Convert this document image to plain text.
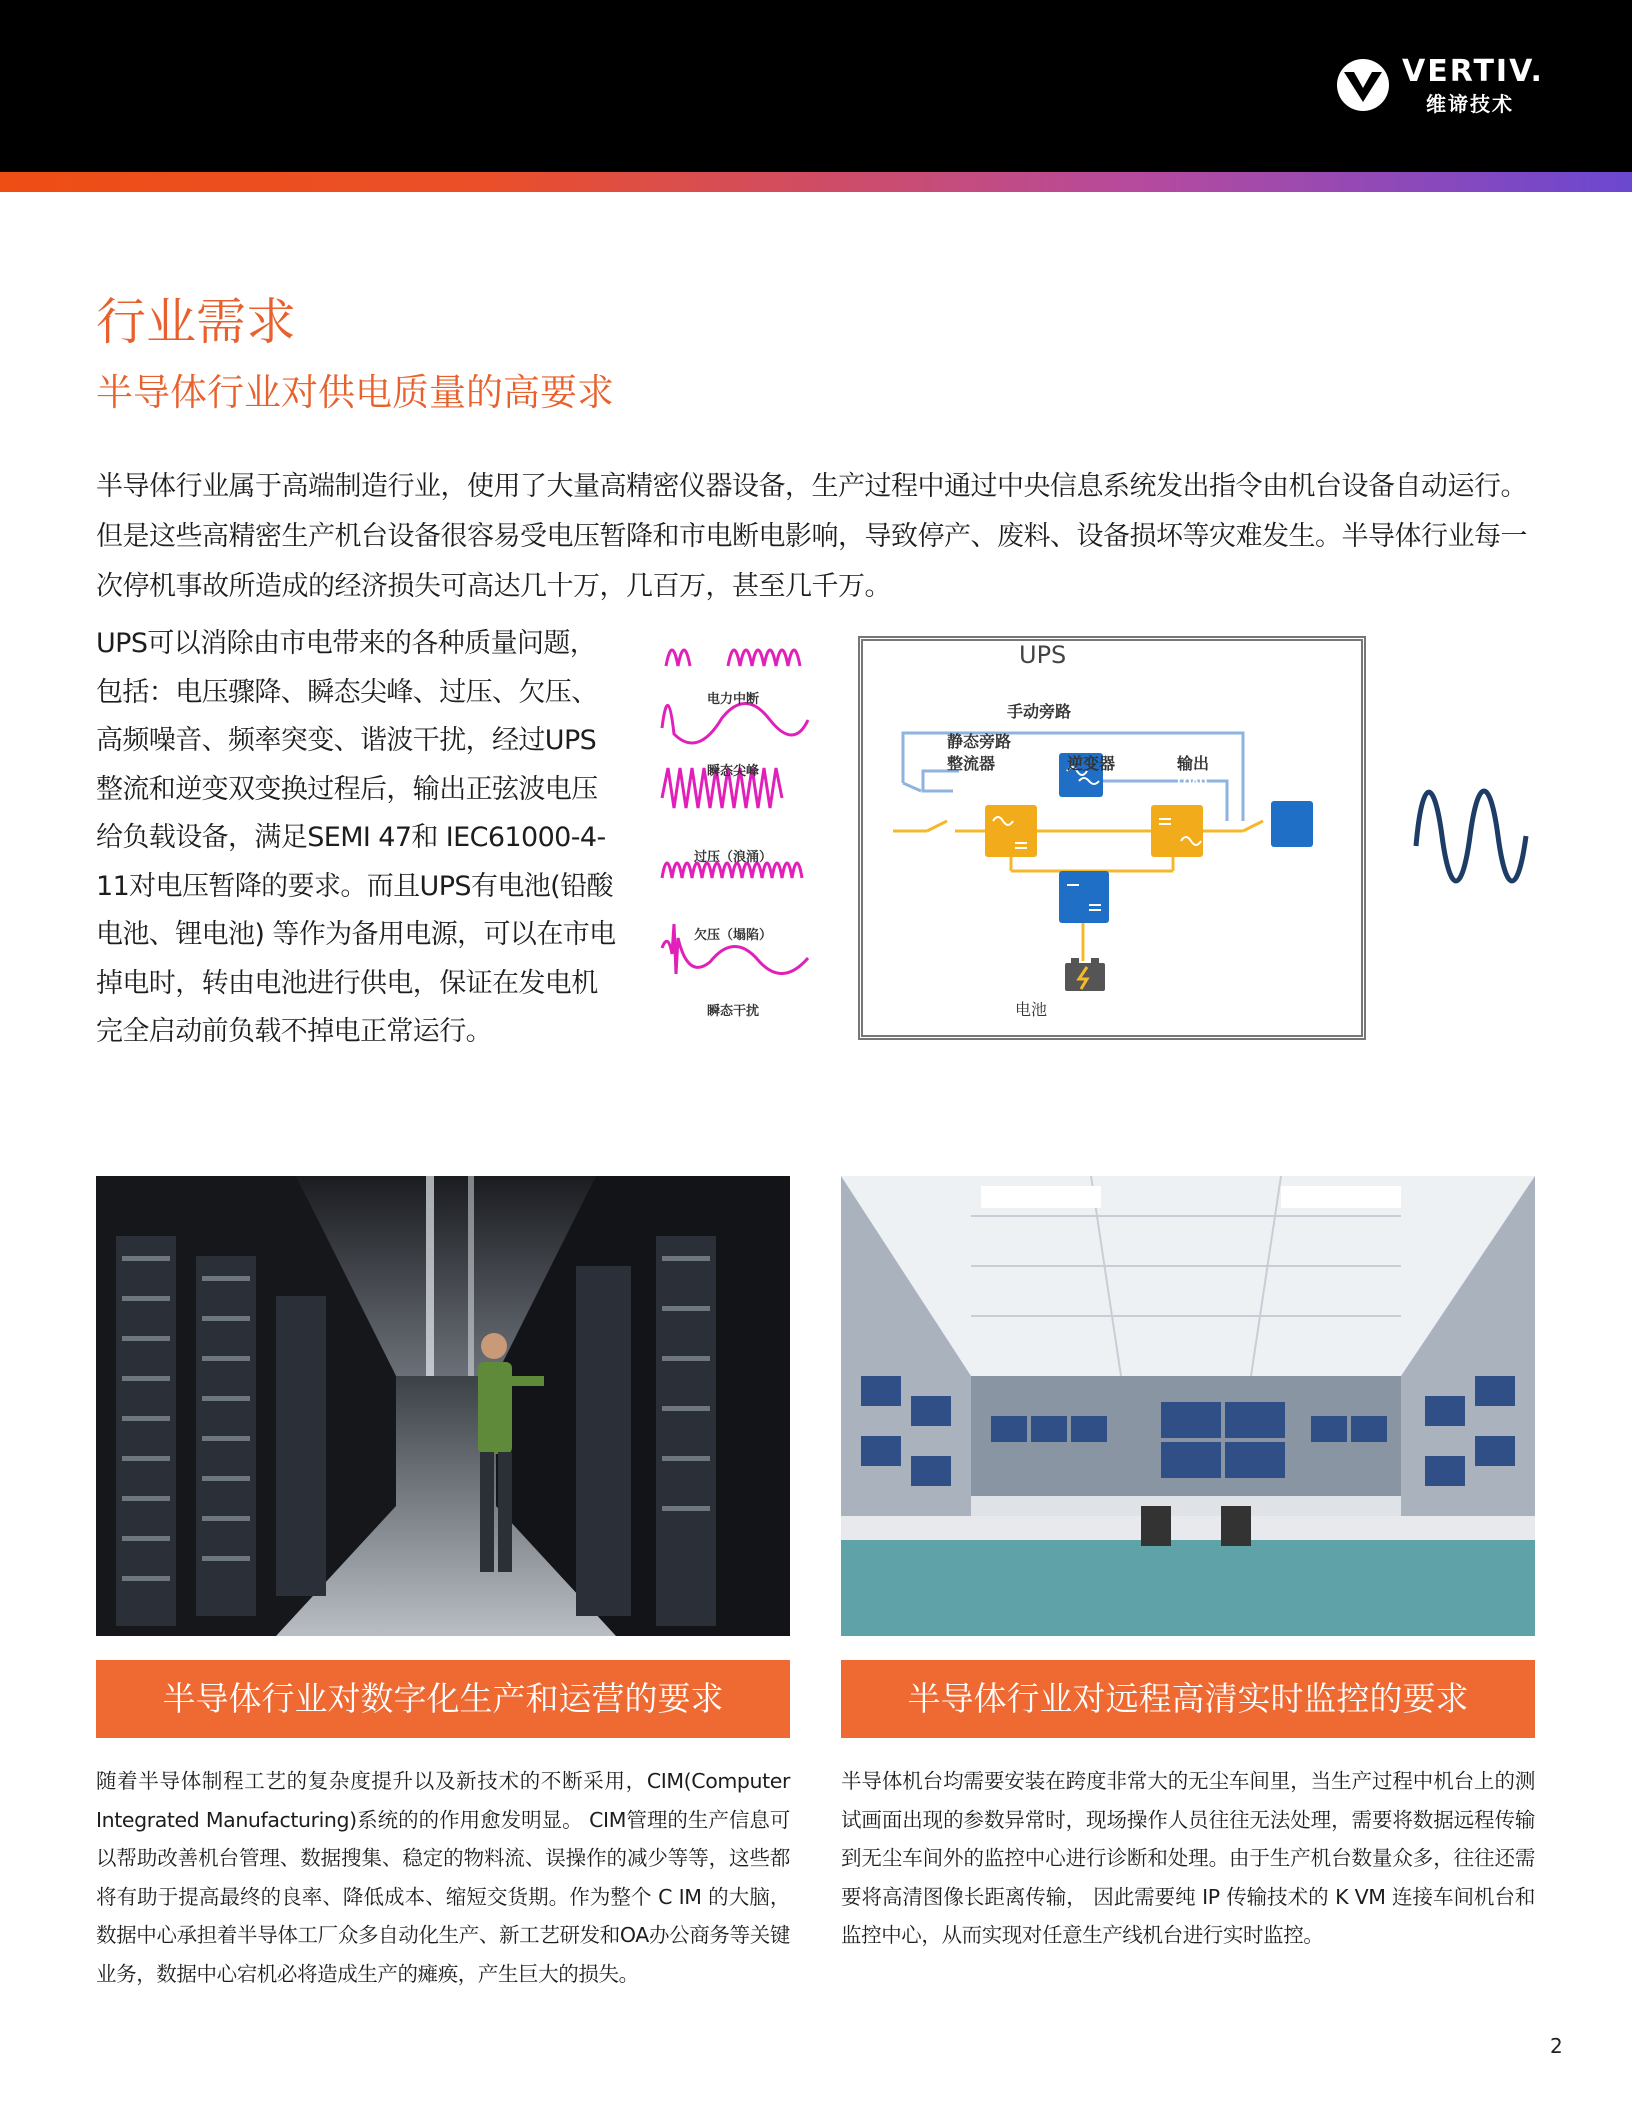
VERTIV.
维谛技术
行业需求
半导体行业对供电质量的高要求

半导体行业属于高端制造行业，使用了大量高精密仪器设备，生产过程中通过中央信息系统发出指令由机台设备自动运行。但是这些高精密生产机台设备很容易受电压暂降和市电断电影响，导致停产、废料、设备损坏等灾难发生。半导体行业每一次停机事故所造成的经济损失可高达几十万，几百万，甚至几千万。

UPS可以消除由市电带来的各种质量问题，包括：电压骤降、瞬态尖峰、过压、欠压、高频噪音、频率突变、谐波干扰，经过UPS整流和逆变双变换过程后，输出正弦波电压给负载设备，满足SEMI 47和 IEC61000-4-11对电压暂降的要求。而且UPS有电池(铅酸电池、锂电池) 等作为备用电源，可以在市电掉电时，转由电池进行供电，保证在发电机完全启动前负载不掉电正常运行。

电力中断
瞬态尖峰
过压（浪涌）
欠压（塌陷）
瞬态干扰
UPS
手动旁路
静态旁路
整流器	逆变器	输出
LOAD
电池
半导体行业对数字化生产和运营的要求	半导体行业对远程高清实时监控的要求

随着半导体制程工艺的复杂度提升以及新技术的不断采用，CIM(Computer Integrated Manufacturing)系统的的作用愈发明显。 CIM管理的生产信息可以帮助改善机台管理、数据搜集、稳定的物料流、误操作的减少等等，这些都将有助于提高最终的良率、降低成本、缩短交货期。作为整个 C IM 的大脑，数据中心承担着半导体工厂众多自动化生产、新工艺研发和OA办公商务等关键业务，数据中心宕机必将造成生产的瘫痪，产生巨大的损失。

半导体机台均需要安装在跨度非常大的无尘车间里，当生产过程中机台上的测试画面出现的参数异常时，现场操作人员往往无法处理，需要将数据远程传输到无尘车间外的监控中心进行诊断和处理。由于生产机台数量众多，往往还需要将高清图像长距离传输， 因此需要纯 IP 传输技术的 K VM 连接车间机台和监控中心，从而实现对任意生产线机台进行实时监控。

2
